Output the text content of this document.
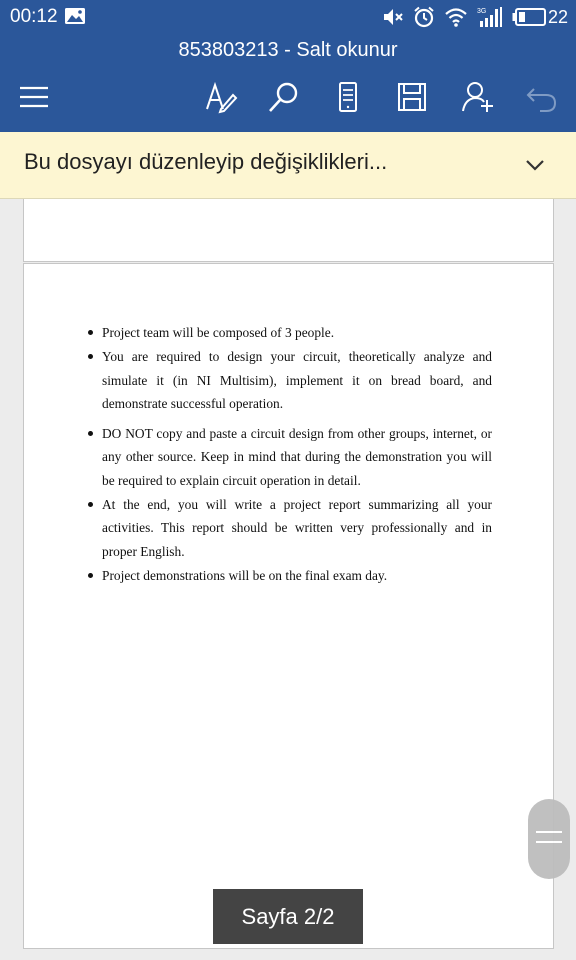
00:12	3G	22
853803213 - Salt okunur
Bu dosyayı düzenleyip değişiklikleri...
Project team will be composed of 3 people.
You are required to design your circuit, theoretically analyze and simulate it (in NI Multisim), implement it on bread board, and demonstrate successful operation.
DO NOT copy and paste a circuit design from other groups, internet, or any other source. Keep in mind that during the demonstration you will be required to explain circuit operation in detail.
At the end, you will write a project report summarizing all your activities. This report should be written very professionally and in proper English.
Project demonstrations will be on the final exam day.
Sayfa 2/2
